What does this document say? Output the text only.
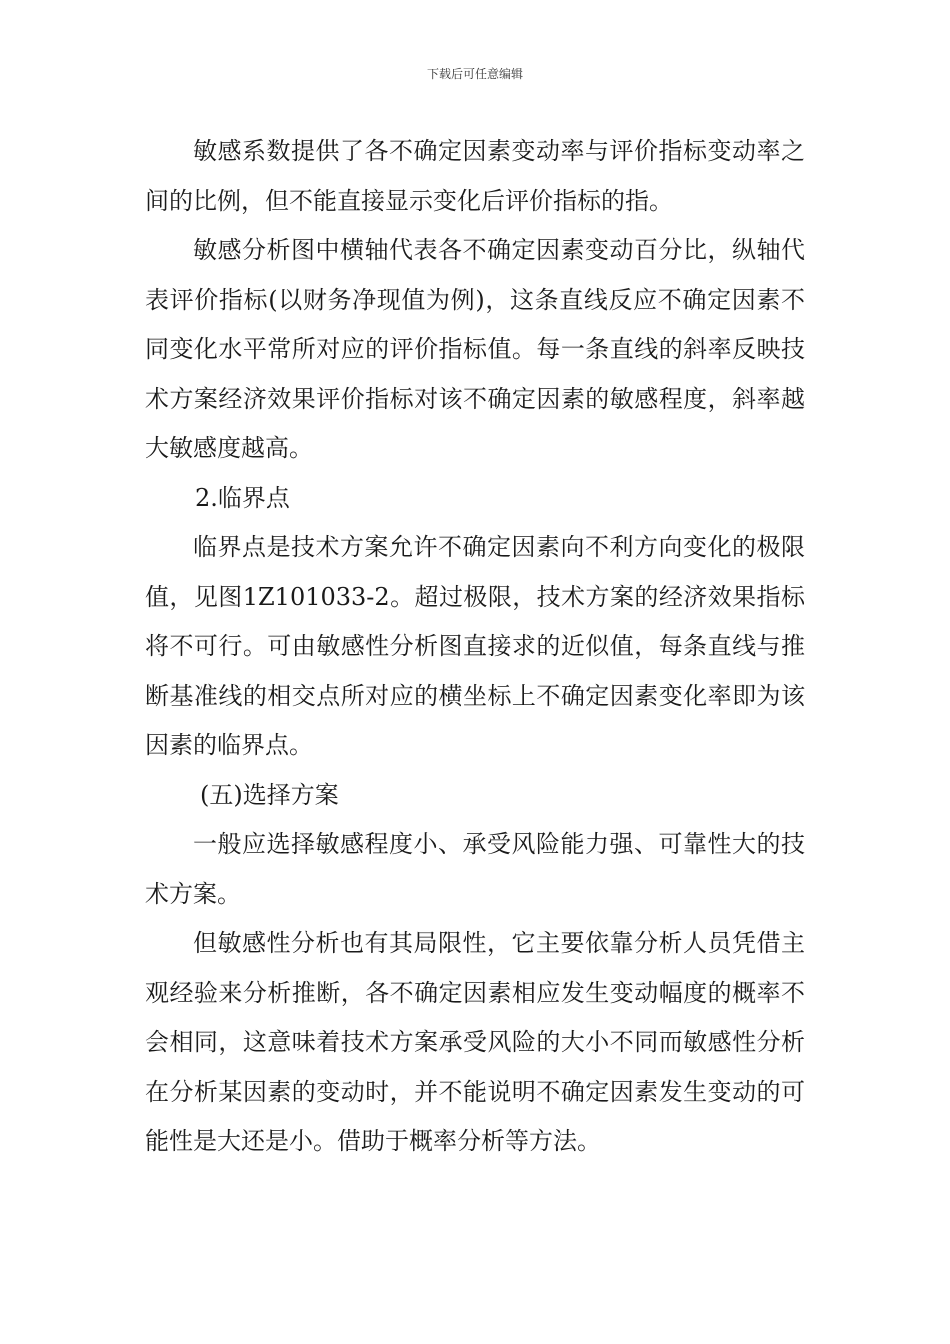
下载后可任意编辑

敏感系数提供了各不确定因素变动率与评价指标变动率之间的比例，但不能直接显示变化后评价指标的指。

敏感分析图中横轴代表各不确定因素变动百分比，纵轴代表评价指标(以财务净现值为例)，这条直线反应不确定因素不同变化水平常所对应的评价指标值。每一条直线的斜率反映技术方案经济效果评价指标对该不确定因素的敏感程度，斜率越大敏感度越高。

2.临界点

临界点是技术方案允许不确定因素向不利方向变化的极限值，见图1Z101033-2。超过极限，技术方案的经济效果指标将不可行。可由敏感性分析图直接求的近似值，每条直线与推断基准线的相交点所对应的横坐标上不确定因素变化率即为该因素的临界点。

(五)选择方案

一般应选择敏感程度小、承受风险能力强、可靠性大的技术方案。

但敏感性分析也有其局限性，它主要依靠分析人员凭借主观经验来分析推断，各不确定因素相应发生变动幅度的概率不会相同，这意味着技术方案承受风险的大小不同而敏感性分析在分析某因素的变动时，并不能说明不确定因素发生变动的可能性是大还是小。借助于概率分析等方法。
